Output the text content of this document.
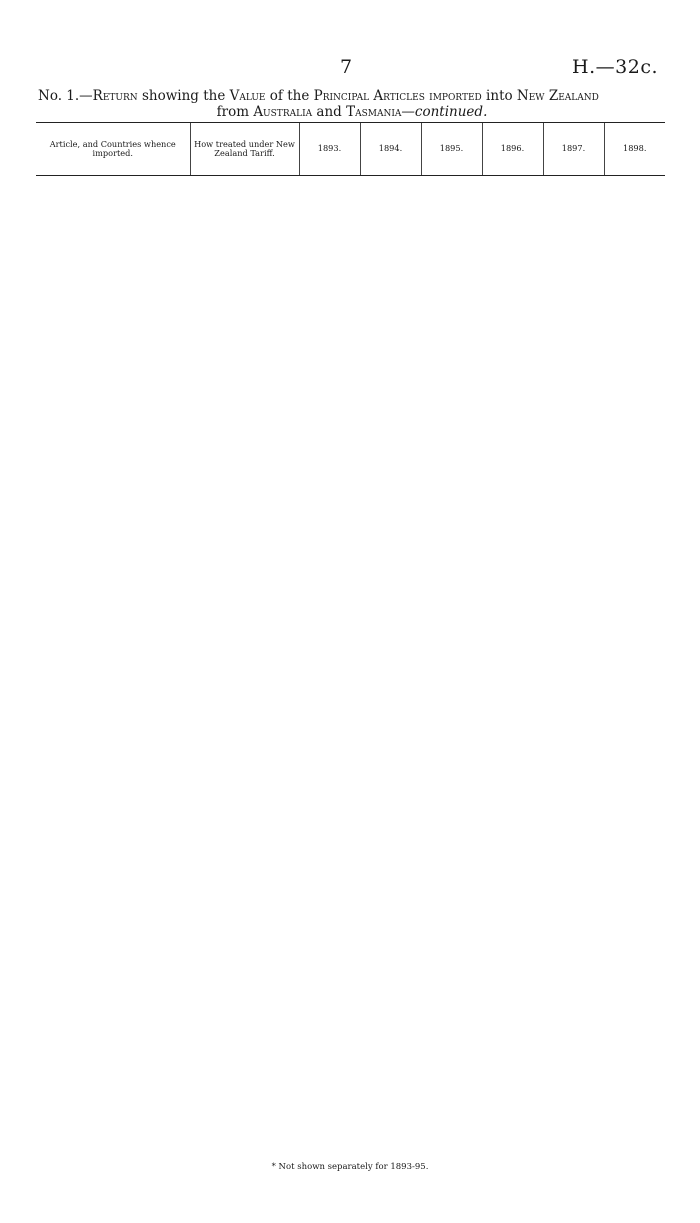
7	H.—32c.
No. 1.—Return showing the Value of the Principal Articles imported into New Zealand
from Australia and Tasmania—continued.
Article, and Countries whence imported.	How treated under New Zealand Tariff.	1893.	1894.	1895.	1896.	1897.	1898.
* Not shown separately for 1893-95.
